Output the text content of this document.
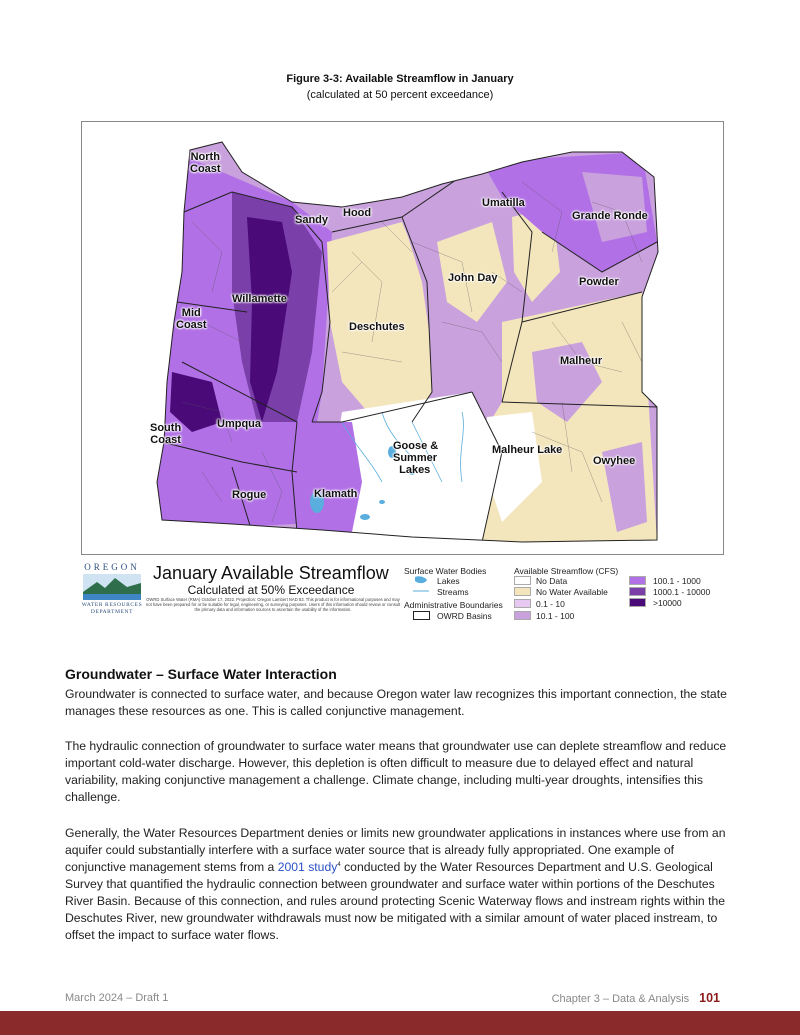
Figure 3-3: Available Streamflow in January
(calculated at 50 percent exceedance)
North
Coast
Sandy
Hood
Umatilla
Grande Ronde
Willamette
Mid
Coast
John Day	Powder
Deschutes
Malheur
South
Coast
Umpqua
Goose &
Summer
Lakes
Malheur Lake
Owyhee
Rogue	Klamath
OREGON
WATER RESOURCES
DEPARTMENT
January Available Streamflow
Calculated at 50% Exceedance
OWRD Surface Water (RMA) October 17, 2022. Projection: Oregon Lambert NAD 83. This product is for informational purposes and may not have been prepared for or be suitable for legal, engineering, or surveying purposes. Users of this information should review or consult the primary data and information sources to ascertain the usability of the information.
Surface Water Bodies
Lakes
Streams
Administrative Boundaries
OWRD Basins
Available Streamflow (CFS)
No Data
No Water Available
0.1 - 10
10.1 - 100
100.1 - 1000
1000.1 - 10000
>10000
Groundwater – Surface Water Interaction

Groundwater is connected to surface water, and because Oregon water law recognizes this important connection, the state manages these resources as one. This is called conjunctive management.

The hydraulic connection of groundwater to surface water means that groundwater use can deplete streamflow and reduce important cold-water discharge. However, this depletion is often difficult to measure due to delayed effect and natural variability, making conjunctive management a challenge. Climate change, including multi-year droughts, intensifies this challenge.

Generally, the Water Resources Department denies or limits new groundwater applications in instances where use from an aquifer could substantially interfere with a surface water source that is already fully appropriated. One example of conjunctive management stems from a 2001 study$^4$ conducted by the Water Resources Department and U.S. Geological Survey that quantified the hydraulic connection between groundwater and surface water within portions of the Deschutes River Basin. Because of this connection, and rules around protecting Scenic Waterway flows and instream rights within the Deschutes River, new groundwater withdrawals must now be mitigated with a similar amount of water placed instream, to offset the impact to surface water flows.

March 2024 – Draft 1	Chapter 3 – Data & Analysis 101
